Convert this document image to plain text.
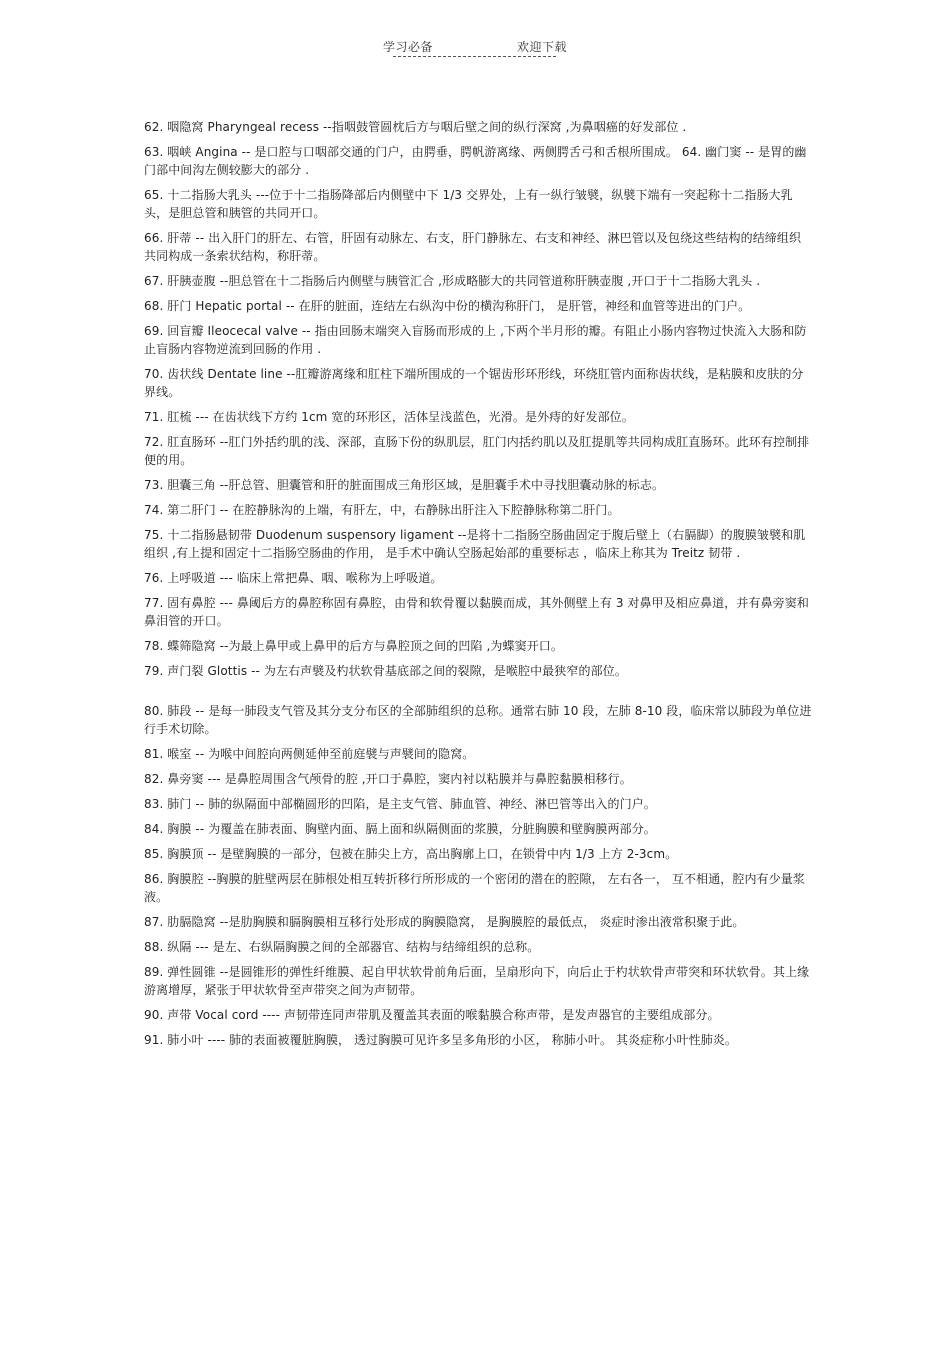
学习必备	欢迎下载

62. 咽隐窝 Pharyngeal recess --指咽鼓管圆枕后方与咽后壁之间的纵行深窝 ,为鼻咽癌的好发部位 .

63. 咽峡 Angina -- 是口腔与口咽部交通的门户，由腭垂，腭帆游离缘、两侧腭舌弓和舌根所围成。 64. 幽门窦 -- 是胃的幽门部中间沟左侧较膨大的部分 .

65. 十二指肠大乳头 ---位于十二指肠降部后内侧壁中下 1/3 交界处，上有一纵行皱襞，纵襞下端有一突起称十二指肠大乳头，是胆总管和胰管的共同开口。

66. 肝蒂 -- 出入肝门的肝左、右管，肝固有动脉左、右支，肝门静脉左、右支和神经、淋巴管以及包绕这些结构的结缔组织共同构成一条索状结构，称肝蒂。

67. 肝胰壶腹 --胆总管在十二指肠后内侧壁与胰管汇合 ,形成略膨大的共同管道称肝胰壶腹 ,开口于十二指肠大乳头 .

68. 肝门 Hepatic portal -- 在肝的脏面，连结左右纵沟中份的横沟称肝门， 是肝管，神经和血管等进出的门户。

69. 回盲瓣 Ileocecal valve -- 指由回肠末端突入盲肠而形成的上 ,下两个半月形的瓣。有阻止小肠内容物过快流入大肠和防止盲肠内容物逆流到回肠的作用 .

70. 齿状线 Dentate line --肛瓣游离缘和肛柱下端所围成的一个锯齿形环形线，环绕肛管内面称齿状线，是粘膜和皮肤的分界线。

71. 肛梳 --- 在齿状线下方约 1cm 宽的环形区，活体呈浅蓝色，光滑。是外痔的好发部位。

72. 肛直肠环 --肛门外括约肌的浅、深部，直肠下份的纵肌层，肛门内括约肌以及肛提肌等共同构成肛直肠环。此环有控制排便的用。

73. 胆囊三角 --肝总管、胆囊管和肝的脏面围成三角形区域，是胆囊手术中寻找胆囊动脉的标志。

74. 第二肝门 -- 在腔静脉沟的上端，有肝左，中，右静脉出肝注入下腔静脉称第二肝门。

75. 十二指肠悬韧带 Duodenum suspensory ligament --是将十二指肠空肠曲固定于腹后壁上（右膈脚）的腹膜皱襞和肌组织 ,有上提和固定十二指肠空肠曲的作用， 是手术中确认空肠起始部的重要标志 ，临床上称其为 Treitz 韧带 .

76. 上呼吸道 --- 临床上常把鼻、咽、喉称为上呼吸道。

77. 固有鼻腔 --- 鼻阈后方的鼻腔称固有鼻腔，由骨和软骨覆以黏膜而成，其外侧壁上有 3 对鼻甲及相应鼻道，并有鼻旁窦和鼻泪管的开口。

78. 蝶筛隐窝 --为最上鼻甲或上鼻甲的后方与鼻腔顶之间的凹陷 ,为蝶窦开口。

79. 声门裂 Glottis -- 为左右声襞及杓状软骨基底部之间的裂隙，是喉腔中最狭窄的部位。

80. 肺段 -- 是每一肺段支气管及其分支分布区的全部肺组织的总称。通常右肺 10 段，左肺 8-10 段，临床常以肺段为单位进行手术切除。

81. 喉室 -- 为喉中间腔向两侧延伸至前庭襞与声襞间的隐窝。

82. 鼻旁窦 --- 是鼻腔周围含气颅骨的腔 ,开口于鼻腔，窦内衬以粘膜并与鼻腔黏膜相移行。

83. 肺门 -- 肺的纵隔面中部椭圆形的凹陷，是主支气管、肺血管、神经、淋巴管等出入的门户。

84. 胸膜 -- 为覆盖在肺表面、胸壁内面、膈上面和纵隔侧面的浆膜，分脏胸膜和壁胸膜两部分。

85. 胸膜顶 -- 是壁胸膜的一部分，包被在肺尖上方，高出胸廓上口，在锁骨中内 1/3 上方 2-3cm。

86. 胸膜腔 --胸膜的脏壁两层在肺根处相互转折移行所形成的一个密闭的潜在的腔隙， 左右各一， 互不相通，腔内有少量浆液。

87. 肋膈隐窝 --是肋胸膜和膈胸膜相互移行处形成的胸膜隐窝， 是胸膜腔的最低点， 炎症时渗出液常积聚于此。

88. 纵隔 --- 是左、右纵隔胸膜之间的全部器官、结构与结缔组织的总称。

89. 弹性圆锥 --是圆锥形的弹性纤维膜、起自甲状软骨前角后面，呈扇形向下，向后止于杓状软骨声带突和环状软骨。其上缘游离增厚，紧张于甲状软骨至声带突之间为声韧带。

90. 声带 Vocal cord ---- 声韧带连同声带肌及覆盖其表面的喉黏膜合称声带，是发声器官的主要组成部分。

91. 肺小叶 ---- 肺的表面被覆脏胸膜， 透过胸膜可见许多呈多角形的小区， 称肺小叶。 其炎症称小叶性肺炎。
